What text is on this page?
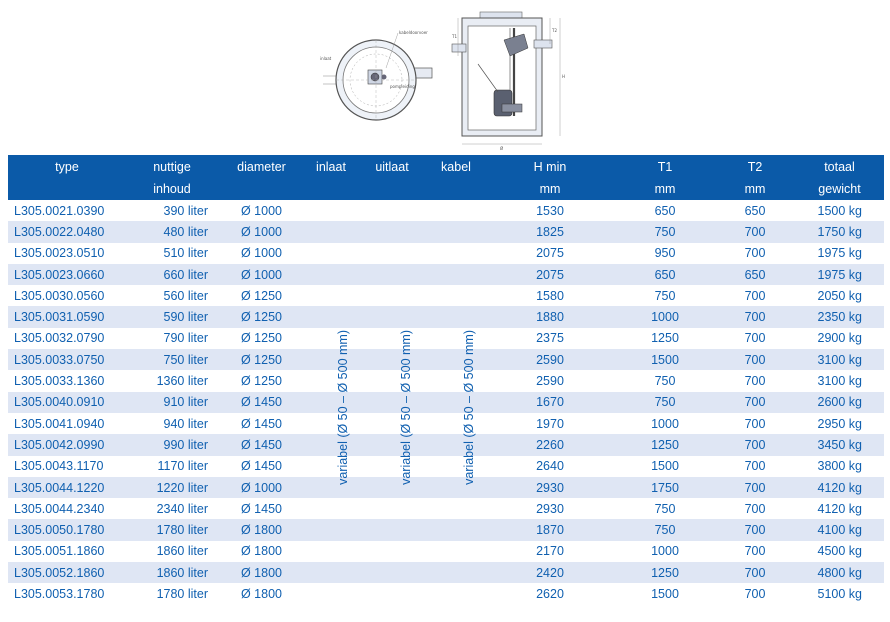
kabeldoorvoer
inlaat
pompleiding
T1
T2
H
Ø
type	nuttige	diameter	inlaat	uitlaat	kabel	H min	T1	T2	totaal
	inhoud					mm	mm	mm	gewicht
L305.0021.0390	390 liter	Ø 1000				1530	650	650	1500 kg
L305.0022.0480	480 liter	Ø 1000				1825	750	700	1750 kg
L305.0023.0510	510 liter	Ø 1000				2075	950	700	1975 kg
L305.0023.0660	660 liter	Ø 1000				2075	650	650	1975 kg
L305.0030.0560	560 liter	Ø 1250				1580	750	700	2050 kg
L305.0031.0590	590 liter	Ø 1250				1880	1000	700	2350 kg
L305.0032.0790	790 liter	Ø 1250				2375	1250	700	2900 kg
L305.0033.0750	750 liter	Ø 1250				2590	1500	700	3100 kg
L305.0033.1360	1360 liter	Ø 1250				2590	750	700	3100 kg
L305.0040.0910	910 liter	Ø 1450				1670	750	700	2600 kg
L305.0041.0940	940 liter	Ø 1450				1970	1000	700	2950 kg
L305.0042.0990	990 liter	Ø 1450				2260	1250	700	3450 kg
L305.0043.1170	1170 liter	Ø 1450				2640	1500	700	3800 kg
L305.0044.1220	1220 liter	Ø 1000				2930	1750	700	4120 kg
L305.0044.2340	2340 liter	Ø 1450				2930	750	700	4120 kg
L305.0050.1780	1780 liter	Ø 1800				1870	750	700	4100 kg
L305.0051.1860	1860 liter	Ø 1800				2170	1000	700	4500 kg
L305.0052.1860	1860 liter	Ø 1800				2420	1250	700	4800 kg
L305.0053.1780	1780 liter	Ø 1800				2620	1500	700	5100 kg
variabel (Ø 50 – Ø 500 mm)	variabel (Ø 50 – Ø 500 mm)	variabel (Ø 50 – Ø 500 mm)
